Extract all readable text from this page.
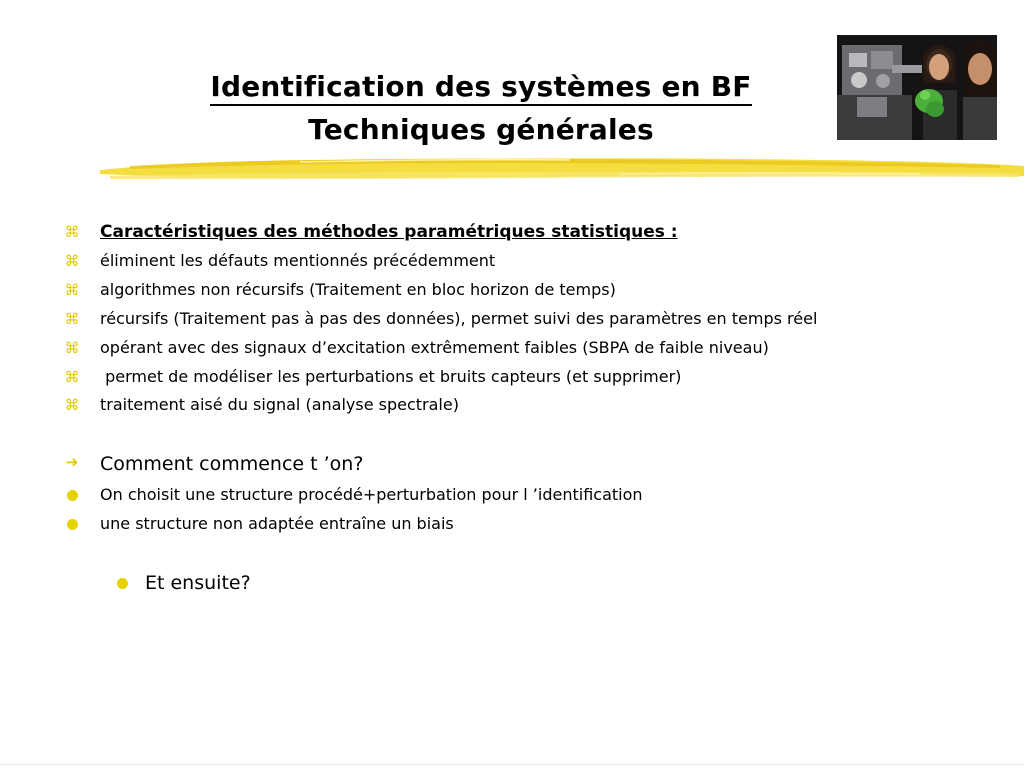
Identification des systèmes en BF
Techniques générales
⌘ Caractéristiques des méthodes paramétriques statistiques :
⌘ éliminent les défauts mentionnés précédemment
⌘ algorithmes non récursifs (Traitement en bloc horizon de temps)
⌘ récursifs (Traitement pas à pas des données), permet suivi des paramètres en temps réel
⌘ opérant avec des signaux d’excitation extrêmement faibles (SBPA de faible niveau)
⌘ permet de modéliser les perturbations et bruits capteurs (et supprimer)
⌘ traitement aisé du signal (analyse spectrale)
➔ Comment commence t ’on?
On choisit une structure procédé+perturbation pour l ’identification
une structure non adaptée entraîne un biais
Et ensuite?
